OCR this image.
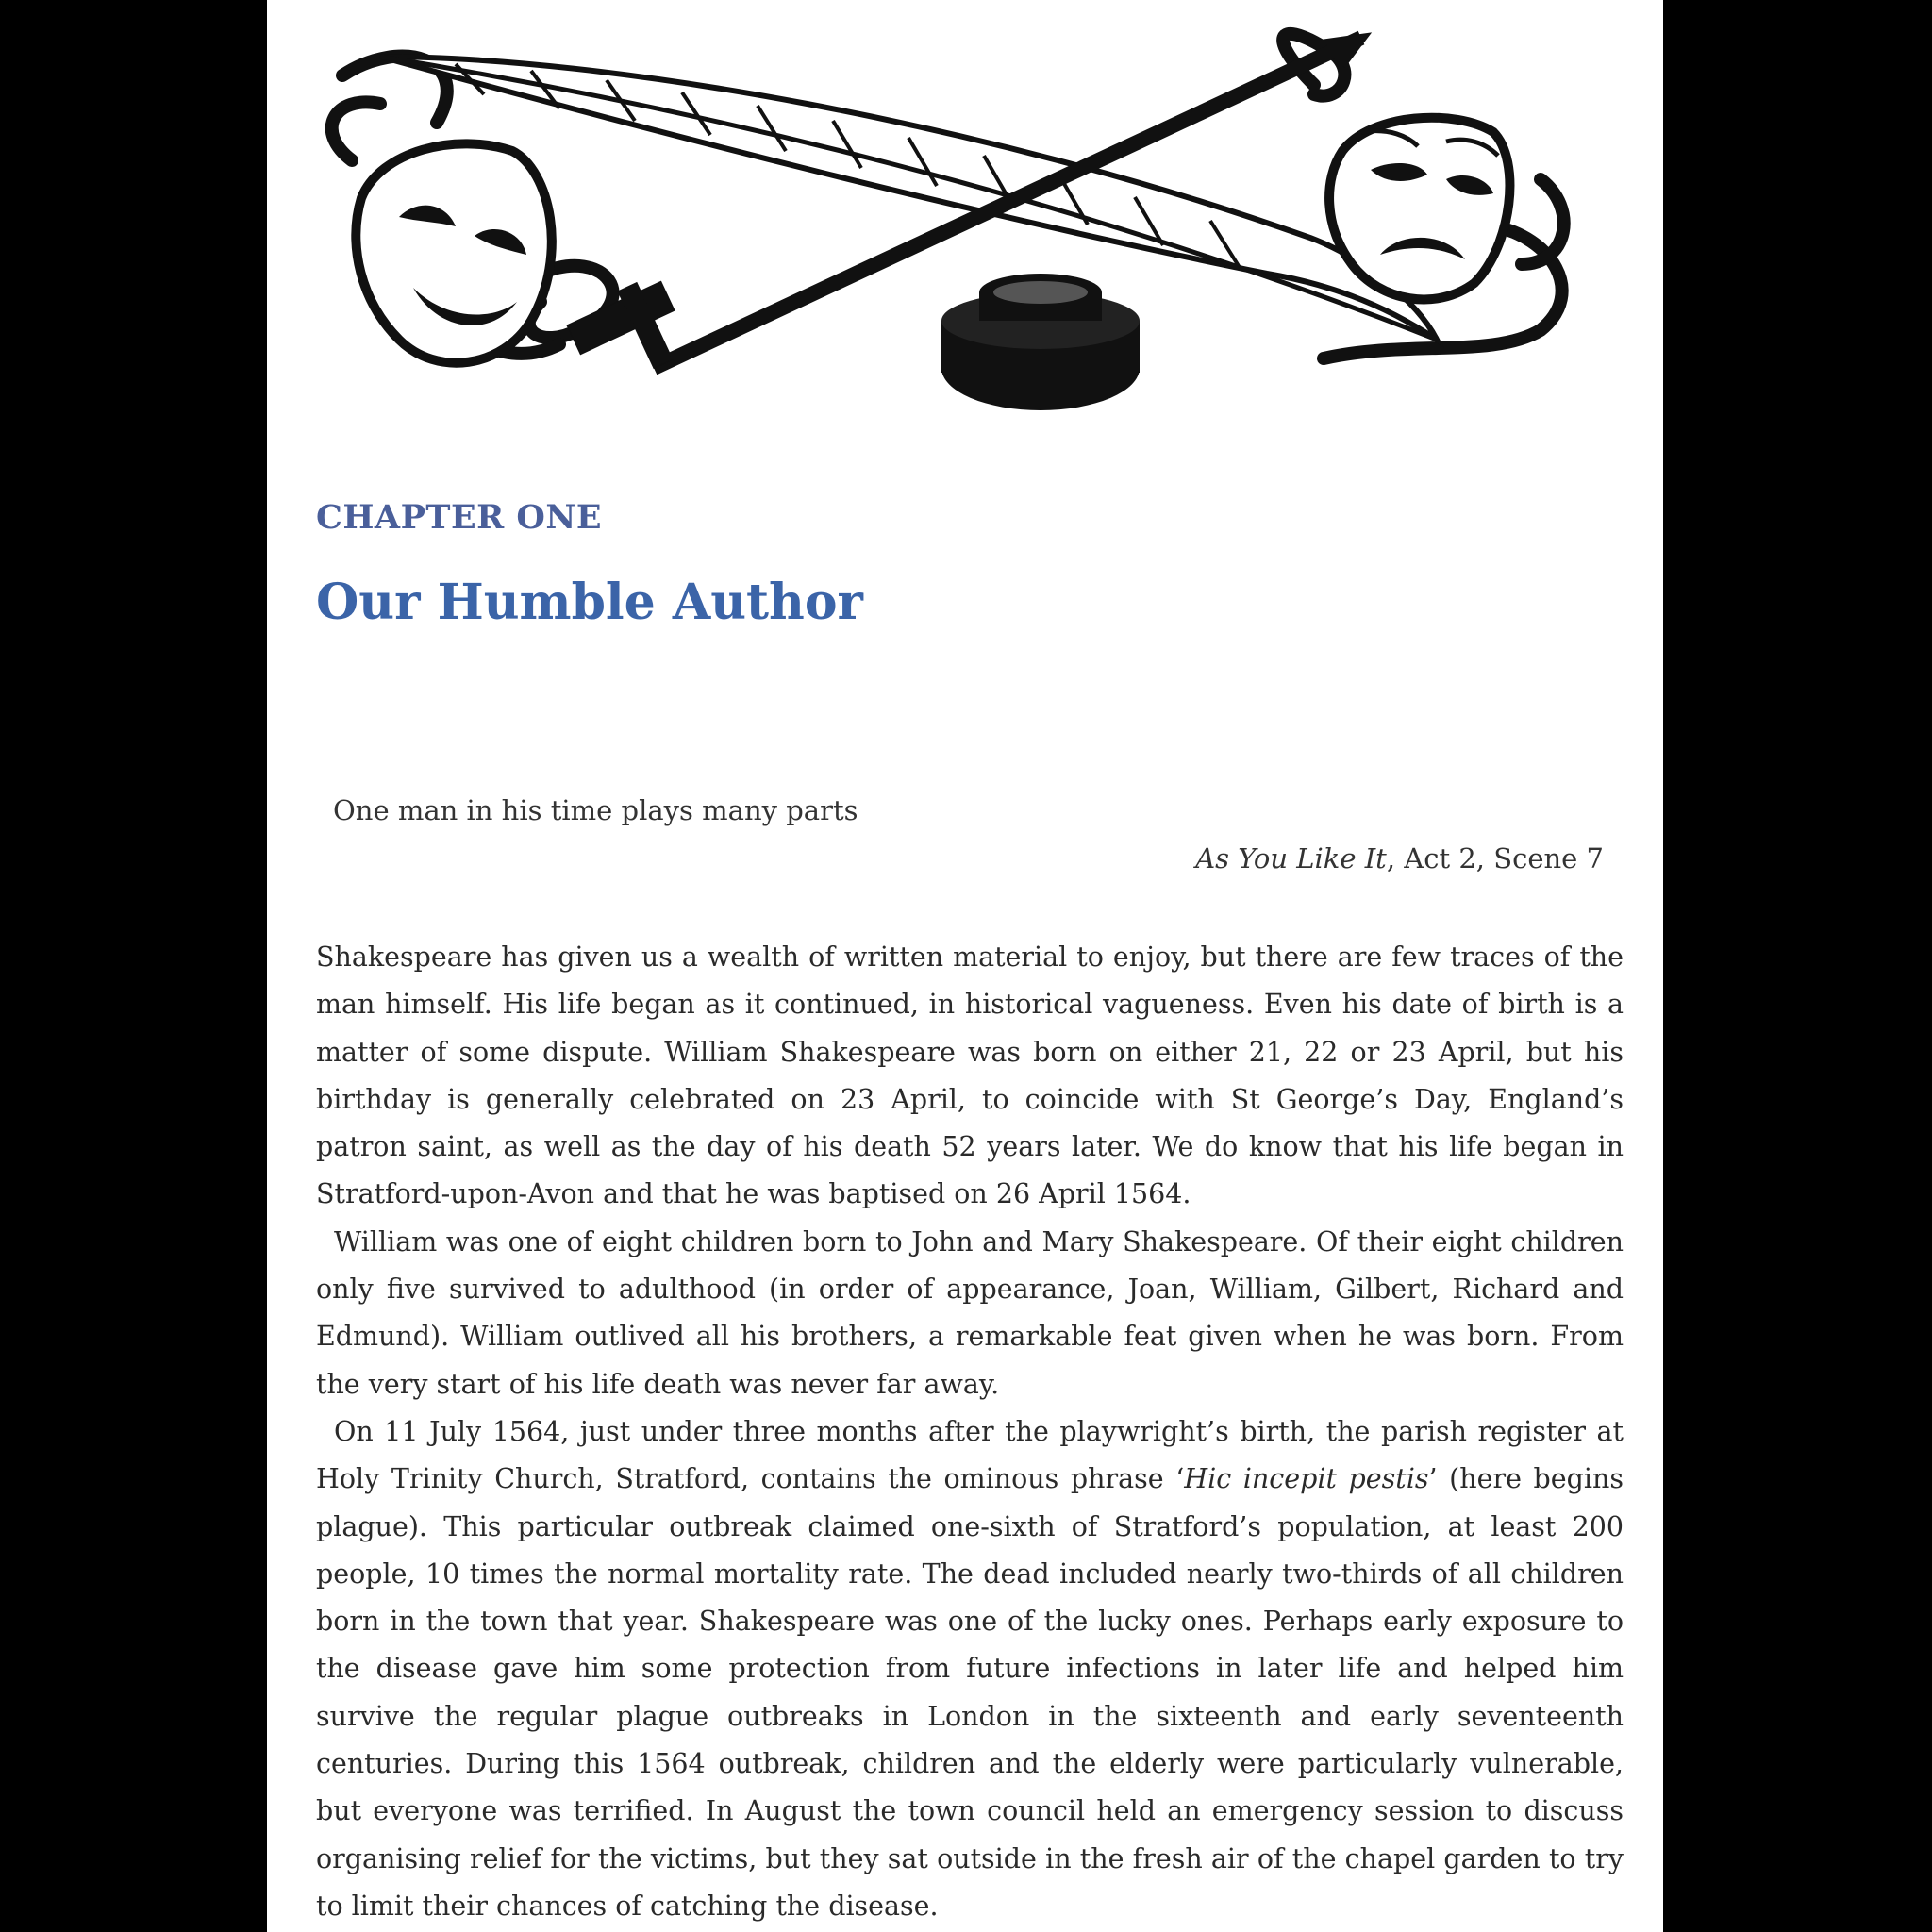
CHAPTER ONE
Our Humble Author

One man in his time plays many parts

As You Like It, Act 2, Scene 7

Shakespeare has given us a wealth of written material to enjoy, but there are few traces of the man himself. His life began as it continued, in historical vagueness. Even his date of birth is a matter of some dispute. William Shakespeare was born on either 21, 22 or 23 April, but his birthday is generally celebrated on 23 April, to coincide with St George’s Day, England’s patron saint, as well as the day of his death 52 years later. We do know that his life began in Stratford-upon-Avon and that he was baptised on 26 April 1564.

William was one of eight children born to John and Mary Shakespeare. Of their eight children only five survived to adulthood (in order of appearance, Joan, William, Gilbert, Richard and Edmund). William outlived all his brothers, a remarkable feat given when he was born. From the very start of his life death was never far away.

On 11 July 1564, just under three months after the playwright’s birth, the parish register at Holy Trinity Church, Stratford, contains the ominous phrase ‘Hic incepit pestis’ (here begins plague). This particular outbreak claimed one-sixth of Stratford’s population, at least 200 people, 10 times the normal mortality rate. The dead included nearly two-thirds of all children born in the town that year. Shakespeare was one of the lucky ones. Perhaps early exposure to the disease gave him some protection from future infections in later life and helped him survive the regular plague outbreaks in London in the sixteenth and early seventeenth centuries. During this 1564 outbreak, children and the elderly were particularly vulnerable, but everyone was terrified. In August the town council held an emergency session to discuss organising relief for the victims, but they sat outside in the fresh air of the chapel garden to try to limit their chances of catching the disease.
